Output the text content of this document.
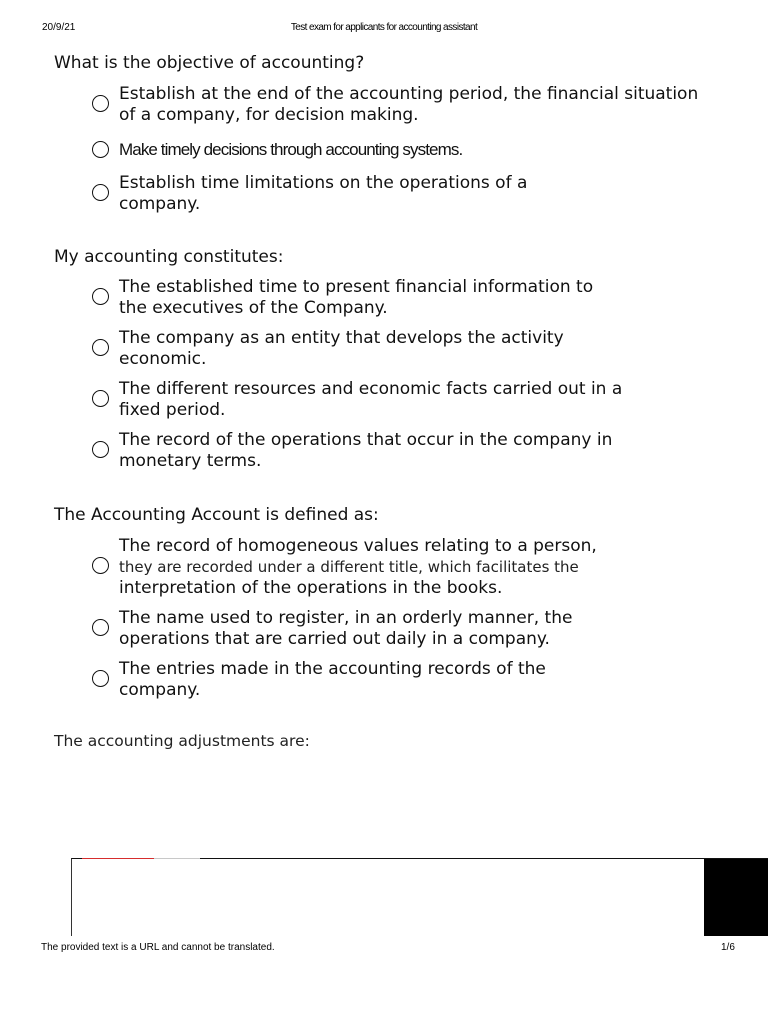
20/9/21	Test exam for applicants for accounting assistant
What is the objective of accounting?
Establish at the end of the accounting period, the financial situation
of a company, for decision making.
Make timely decisions through accounting systems.
Establish time limitations on the operations of a
company.
My accounting constitutes:
The established time to present financial information to
the executives of the Company.
The company as an entity that develops the activity
economic.
The different resources and economic facts carried out in a
fixed period.
The record of the operations that occur in the company in
monetary terms.
The Accounting Account is defined as:
The record of homogeneous values relating to a person,
they are recorded under a different title, which facilitates the
interpretation of the operations in the books.
The name used to register, in an orderly manner, the
operations that are carried out daily in a company.
The entries made in the accounting records of the
company.
The accounting adjustments are:
The provided text is a URL and cannot be translated.	1/6
